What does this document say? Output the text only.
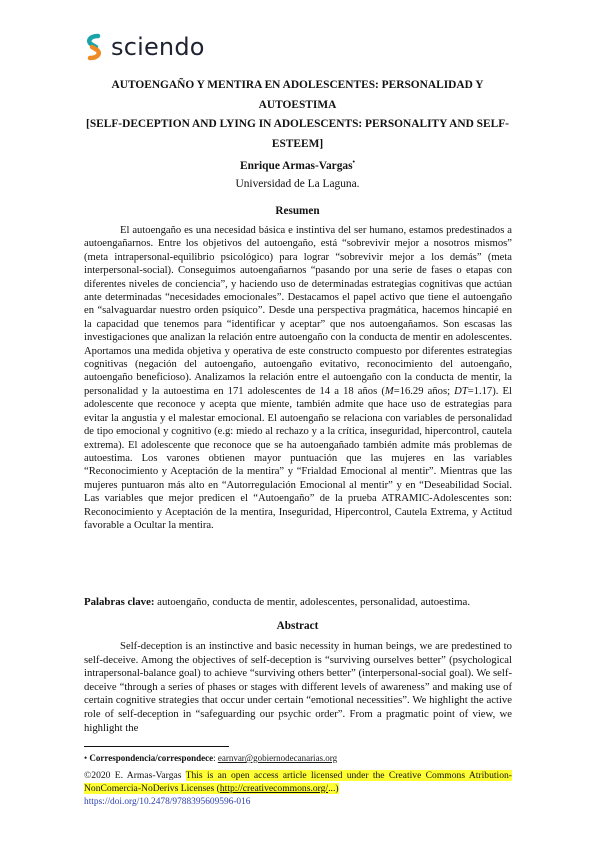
sciendo
AUTOENGAÑO Y MENTIRA EN ADOLESCENTES: PERSONALIDAD Y AUTOESTIMA
[SELF-DECEPTION AND LYING IN ADOLESCENTS: PERSONALITY AND SELF-ESTEEM]
Enrique Armas-Vargas•
Universidad de La Laguna.
Resumen

El autoengaño es una necesidad básica e instintiva del ser humano, estamos predestinados a autoengañarnos. Entre los objetivos del autoengaño, está “sobrevivir mejor a nosotros mismos” (meta intrapersonal-equilibrio psicológico) para lograr “sobrevivir mejor a los demás” (meta interpersonal-social). Conseguimos autoengañarnos “pasando por una serie de fases o etapas con diferentes niveles de conciencia”, y haciendo uso de determinadas estrategias cognitivas que actúan ante determinadas “necesidades emocionales”. Destacamos el papel activo que tiene el autoengaño en “salvaguardar nuestro orden psíquico”. Desde una perspectiva pragmática, hacemos hincapié en la capacidad que tenemos para “identificar y aceptar” que nos autoengañamos. Son escasas las investigaciones que analizan la relación entre autoengaño con la conducta de mentir en adolescentes. Aportamos una medida objetiva y operativa de este constructo compuesto por diferentes estrategias cognitivas (negación del autoengaño, autoengaño evitativo, reconocimiento del autoengaño, autoengaño beneficioso). Analizamos la relación entre el autoengaño con la conducta de mentir, la personalidad y la autoestima en 171 adolescentes de 14 a 18 años (M=16.29 años; DT=1.17). El adolescente que reconoce y acepta que miente, también admite que hace uso de estrategias para evitar la angustia y el malestar emocional. El autoengaño se relaciona con variables de personalidad de tipo emocional y cognitivo (e.g: miedo al rechazo y a la crítica, inseguridad, hipercontrol, cautela extrema). El adolescente que reconoce que se ha autoengañado también admite más problemas de autoestima. Los varones obtienen mayor puntuación que las mujeres en las variables “Reconocimiento y Aceptación de la mentira” y “Frialdad Emocional al mentir”. Mientras que las mujeres puntuaron más alto en “Autorregulación Emocional al mentir” y en “Deseabilidad Social. Las variables que mejor predicen el “Autoengaño” de la prueba ATRAMIC-Adolescentes son: Reconocimiento y Aceptación de la mentira, Inseguridad, Hipercontrol, Cautela Extrema, y Actitud favorable a Ocultar la mentira.

Palabras clave: autoengaño, conducta de mentir, adolescentes, personalidad, autoestima.
Abstract

Self-deception is an instinctive and basic necessity in human beings, we are predestined to self-deceive. Among the objectives of self-deception is “surviving ourselves better” (psychological intrapersonal-balance goal) to achieve “surviving others better” (interpersonal-social goal). We self-deceive “through a series of phases or stages with different levels of awareness” and making use of certain cognitive strategies that occur under certain “emotional necessities”. We highlight the active role of self-deception in “safeguarding our psychic order”. From a pragmatic point of view, we highlight the

• Correspondencia/correspondece: earnvar@gobiernodecanarias.org
©2020 E. Armas-Vargas This is an open access article licensed under the Creative Commons Atribution-NonComercia-NoDerivs Licenses (http://creativecommons.org/...)
https://doi.org/10.2478/9788395609596-016
